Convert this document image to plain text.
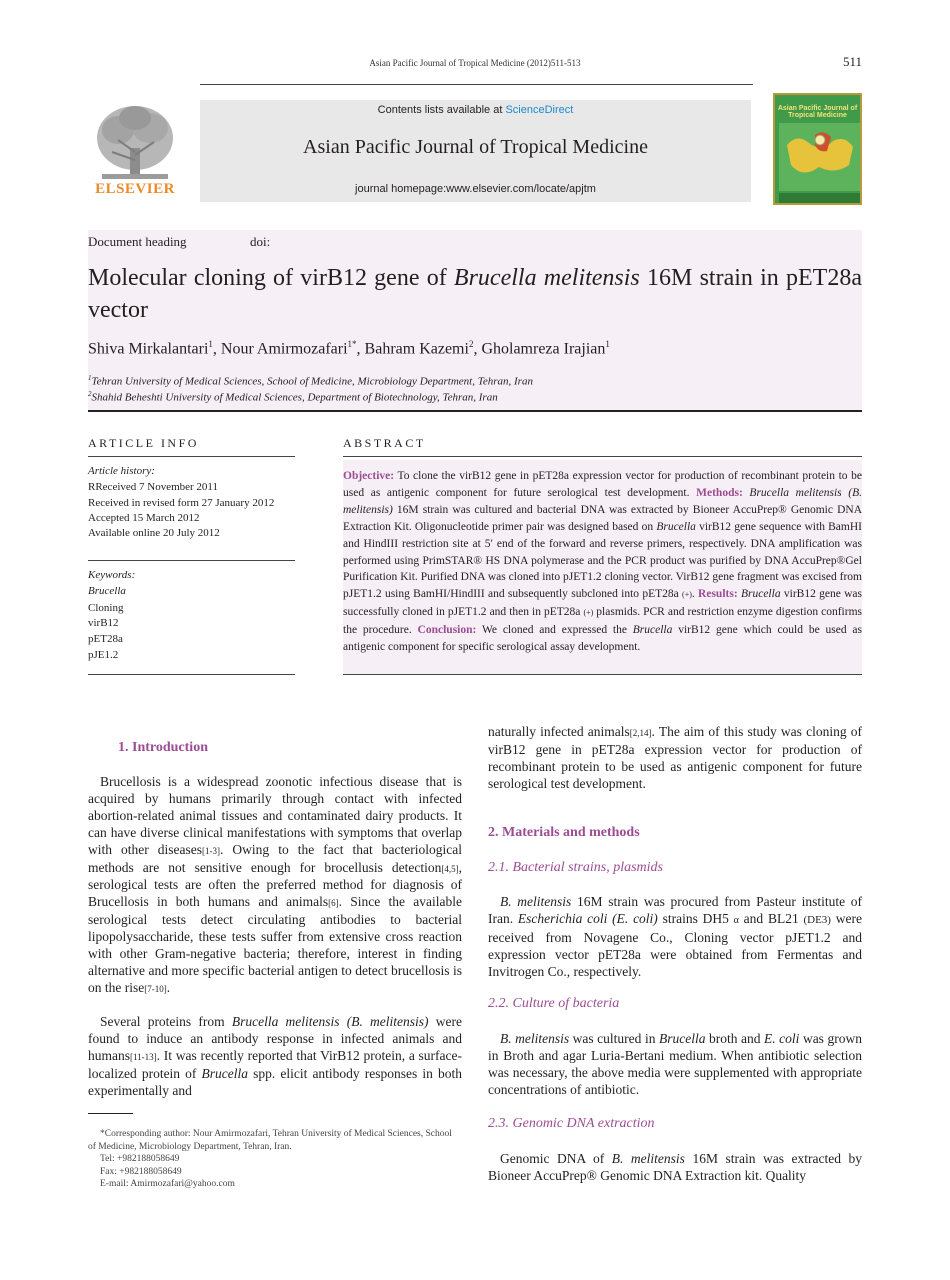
Asian Pacific Journal of Tropical Medicine (2012)511-513	511
ELSEVIER
Contents lists available at ScienceDirect
Asian Pacific Journal of Tropical Medicine
journal homepage:www.elsevier.com/locate/apjtm
Asian Pacific Journal of Tropical Medicine
Document heading	doi:
Molecular cloning of virB12 gene of Brucella melitensis 16M strain in pET28a vector
Shiva Mirkalantari$^1$, Nour Amirmozafari$^{1*}$, Bahram Kazemi$^2$, Gholamreza Irajian$^1$
$^1$Tehran University of Medical Sciences, School of Medicine, Microbiology Department, Tehran, Iran
$^2$Shahid Beheshti University of Medical Sciences, Department of Biotechnology, Tehran, Iran
ARTICLE INFO
Article history:
RReceived 7 November 2011
Received in revised form 27 January 2012
Accepted 15 March 2012
Available online 20 July 2012
Keywords:
Brucella
Cloning
virB12
pET28a
pJE1.2
ABSTRACT
Objective: To clone the virB12 gene in pET28a expression vector for production of recombinant protein to be used as antigenic component for future serological test development. Methods: Brucella melitensis (B. melitensis) 16M strain was cultured and bacterial DNA was extracted by Bioneer AccuPrep® Genomic DNA Extraction Kit. Oligonucleotide primer pair was designed based on Brucella virB12 gene sequence with BamHI and HindIII restriction site at 5′ end of the forward and reverse primers, respectively. DNA amplification was performed using PrimSTAR® HS DNA polymerase and the PCR product was purified by DNA AccuPrep®Gel Purification Kit. Purified DNA was cloned into pJET1.2 cloning vector. VirB12 gene fragment was excised from pJET1.2 using BamHI/HindIII and subsequently subcloned into pET28a (+). Results: Brucella virB12 gene was successfully cloned in pJET1.2 and then in pET28a (+) plasmids. PCR and restriction enzyme digestion confirms the procedure. Conclusion: We cloned and expressed the Brucella virB12 gene which could be used as antigenic component for specific serological assay development.
1. Introduction
Brucellosis is a widespread zoonotic infectious disease that is acquired by humans primarily through contact with infected abortion-related animal tissues and contaminated dairy products. It can have diverse clinical manifestations with symptoms that overlap with other diseases[1-3]. Owing to the fact that bacteriological methods are not sensitive enough for brocellusis detection[4,5], serological tests are often the preferred method for diagnosis of Brucellosis in both humans and animals[6]. Since the available serological tests detect circulating antibodies to bacterial lipopolysaccharide, these tests suffer from extensive cross reaction with other Gram-negative bacteria; therefore, interest in finding alternative and more specific bacterial antigen to detect brucellosis is on the rise[7-10].
Several proteins from Brucella melitensis (B. melitensis) were found to induce an antibody response in infected animals and humans[11-13]. It was recently reported that VirB12 protein, a surface-localized protein of Brucella spp. elicit antibody responses in both experimentally and
*Corresponding author: Nour Amirmozafari, Tehran University of Medical Sciences, School of Medicine, Microbiology Department, Tehran, Iran.
Tel: +982188058649
Fax: +982188058649
E-mail: Amirmozafari@yahoo.com
naturally infected animals[2,14]. The aim of this study was cloning of virB12 gene in pET28a expression vector for production of recombinant protein to be used as antigenic component for future serological test development.
2. Materials and methods
2.1. Bacterial strains, plasmids
B. melitensis 16M strain was procured from Pasteur institute of Iran. Escherichia coli (E. coli) strains DH5 α and BL21 (DE3) were received from Novagene Co., Cloning vector pJET1.2 and expression vector pET28a were obtained from Fermentas and Invitrogen Co., respectively.
2.2. Culture of bacteria
B. melitensis was cultured in Brucella broth and E. coli was grown in Broth and agar Luria-Bertani medium. When antibiotic selection was necessary, the above media were supplemented with appropriate concentrations of antibiotic.
2.3. Genomic DNA extraction
Genomic DNA of B. melitensis 16M strain was extracted by Bioneer AccuPrep® Genomic DNA Extraction kit. Quality
